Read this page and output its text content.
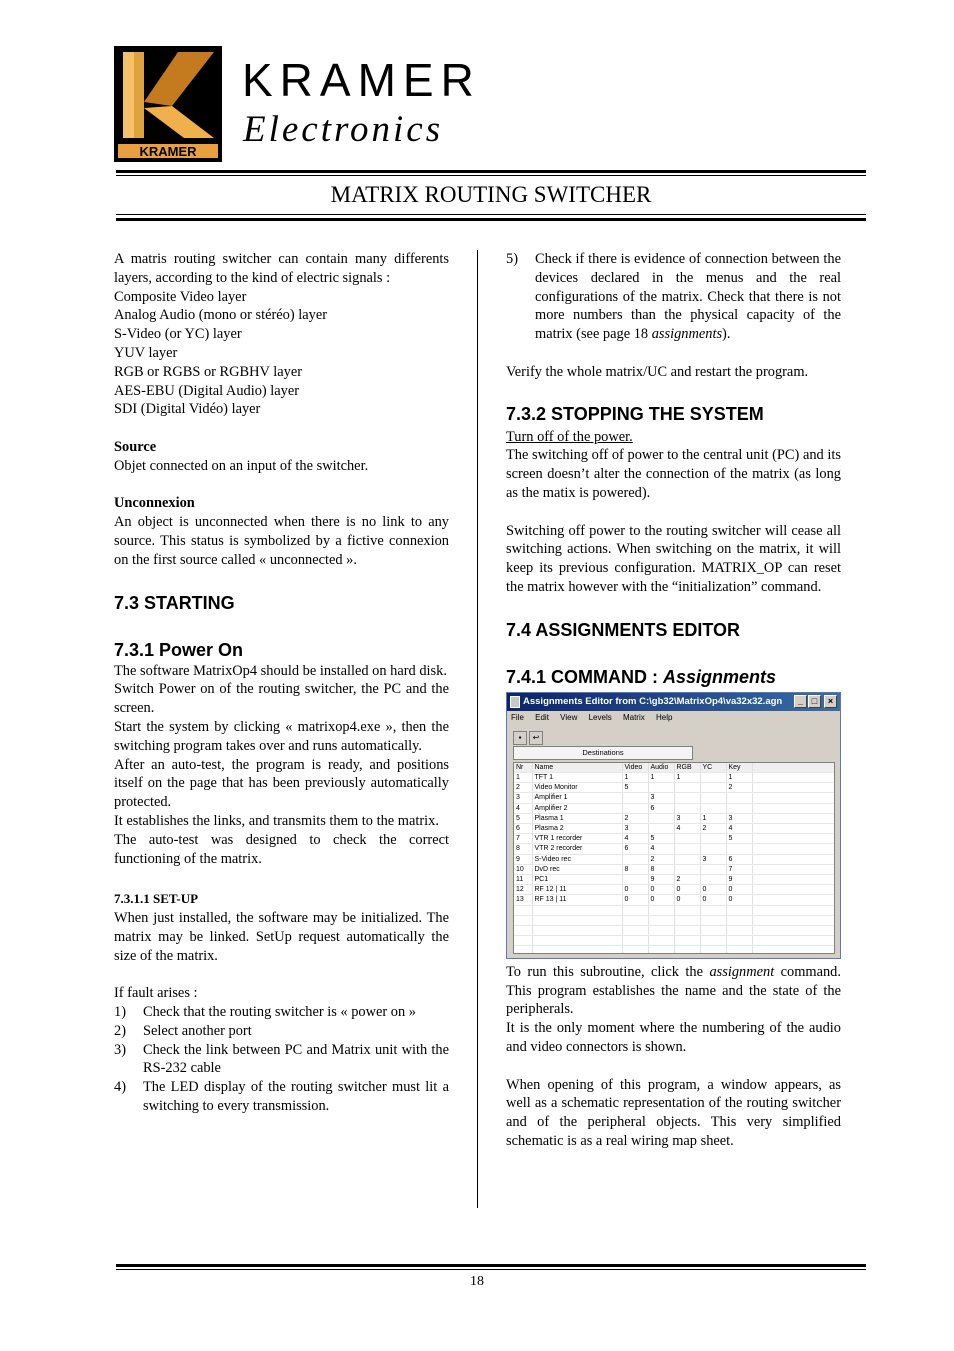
KRAMER
KRAMER
Electronics
MATRIX ROUTING SWITCHER

A matris routing switcher can contain many differents layers, according to the kind of electric signals :

Composite Video layer

Analog Audio (mono or stéréo) layer

S-Video (or YC) layer

YUV layer

RGB or RGBS or RGBHV layer

AES-EBU (Digital Audio) layer

SDI (Digital Vidéo) layer

Source

Objet connected on an input of the switcher.

Unconnexion

An object is unconnected when there is no link to any source. This status is symbolized by a fictive connexion on the first source called « unconnected ».

7.3 STARTING

7.3.1 Power On

The software MatrixOp4 should be installed on hard disk.

Switch Power on of the routing switcher, the PC and the screen.

Start the system by clicking « matrixop4.exe », then the switching program takes over and runs automatically.

After an auto-test, the program is ready, and positions itself on the page that has been previously automatically protected.

It establishes the links, and transmits them to the matrix.

The auto-test was designed to check the correct functioning of the matrix.

7.3.1.1 SET-UP

When just installed, the software may be initialized. The matrix may be linked. SetUp request automatically the size of the matrix.

If fault arises :

1)	Check that the routing switcher is « power on »
2)	Select another port
3)	Check the link between PC and Matrix unit with the RS-232 cable
4)	The LED display of the routing switcher must lit a switching to every transmission.
5)	Check if there is evidence of connection between the devices declared in the menus and the real configurations of the matrix. Check that there is not more numbers than the physical capacity of the matrix (see page 18 assignments).

Verify the whole matrix/UC and restart the program.

7.3.2 STOPPING THE SYSTEM

Turn off of the power.

The switching off of power to the central unit (PC) and its screen doesn’t alter the connection of the matrix (as long as the matix is powered).

Switching off power to the routing switcher will cease all switching actions. When switching on the matrix, it will keep its previous configuration. MATRIX_OP can reset the matrix however with the “initialization” command.

7.4 ASSIGNMENTS EDITOR

7.4.1 COMMAND : Assignments

Assignments Editor from C:\gb32\MatrixOp4\va32x32.agn	_ □	×
File Edit View Levels Matrix Help
▪ ↩
Destinations
Nr	Name	Video	Audio	RGB	YC	Key	
1	TFT 1	1	1	1		1	
2	Video Monitor	5				2	
3	Amplifier 1		3				
4	Amplifier 2		6				
5	Plasma 1	2		3	1	3	
6	Plasma 2	3		4	2	4	
7	VTR 1 recorder	4	5			5	
8	VTR 2 recorder	6	4				
9	S-Video rec		2		3	6	
10	DvD rec	8	8			7	
11	PC1		9	2		9	
12	RF 12 | 11	0	0	0	0	0	
13	RF 13 | 11	0	0	0	0	0	

To run this subroutine, click the assignment command. This program establishes the name and the state of the peripherals.

It is the only moment where the numbering of the audio and video connectors is shown.

When opening of this program, a window appears, as well as a schematic representation of the routing switcher and of the peripheral objects. This very simplified schematic is as a real wiring map sheet.

18
